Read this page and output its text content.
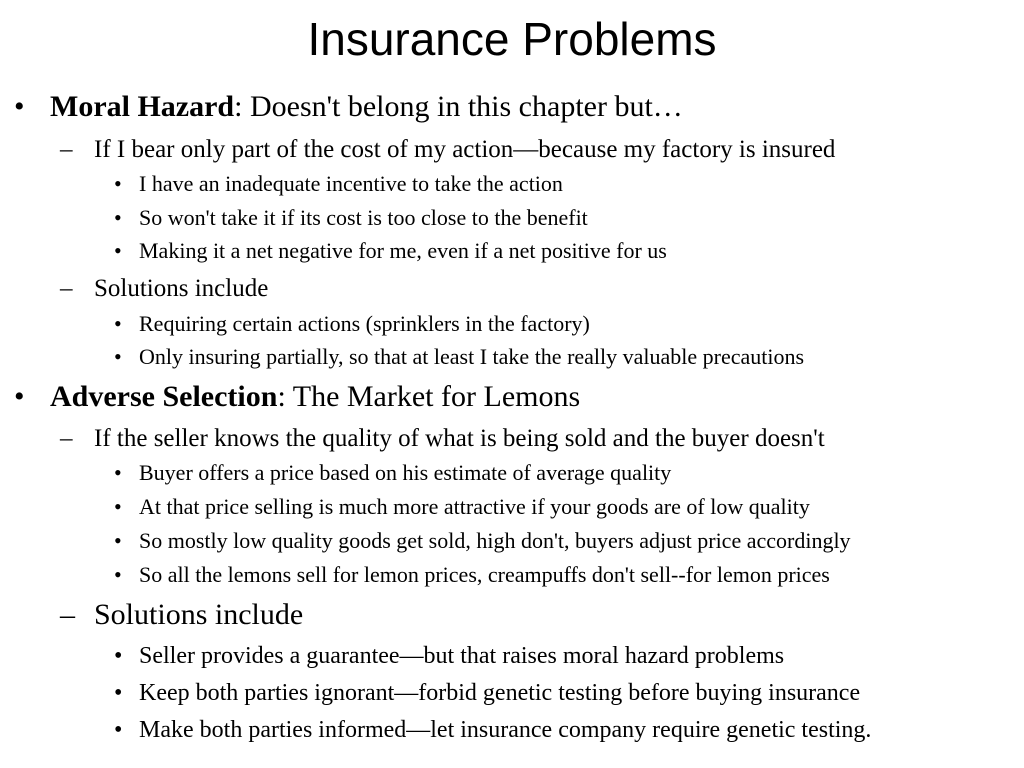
Insurance Problems
• Moral Hazard: Doesn't belong in this chapter but…
– If I bear only part of the cost of my action—because my factory is insured
• I have an inadequate incentive to take the action
• So won't take it if its cost is too close to the benefit
• Making it a net negative for me, even if a net positive for us
– Solutions include
• Requiring certain actions (sprinklers in the factory)
• Only insuring partially, so that at least I take the really valuable precautions
• Adverse Selection: The Market for Lemons
– If the seller knows the quality of what is being sold and the buyer doesn't
• Buyer offers a price based on his estimate of average quality
• At that price selling is much more attractive if your goods are of low quality
• So mostly low quality goods get sold, high don't, buyers adjust price accordingly
• So all the lemons sell for lemon prices, creampuffs don't sell--for lemon prices
– Solutions include
• Seller provides a guarantee—but that raises moral hazard problems
• Keep both parties ignorant—forbid genetic testing before buying insurance
• Make both parties informed—let insurance company require genetic testing.
